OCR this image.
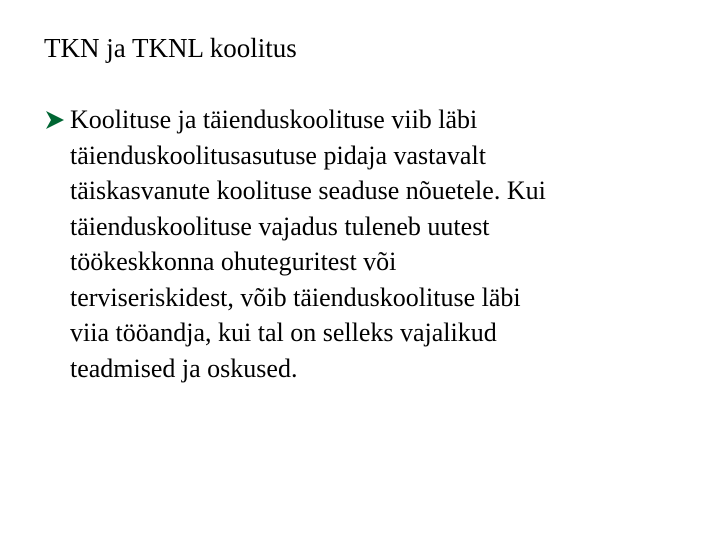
TKN ja TKNL koolitus
Koolituse ja täienduskoolituse viib läbi
täienduskoolitusasutuse pidaja vastavalt
täiskasvanute koolituse seaduse nõuetele. Kui
täienduskoolituse vajadus tuleneb uutest
töökeskkonna ohuteguritest või
terviseriskidest, võib täienduskoolituse läbi
viia tööandja, kui tal on selleks vajalikud
teadmised ja oskused.
